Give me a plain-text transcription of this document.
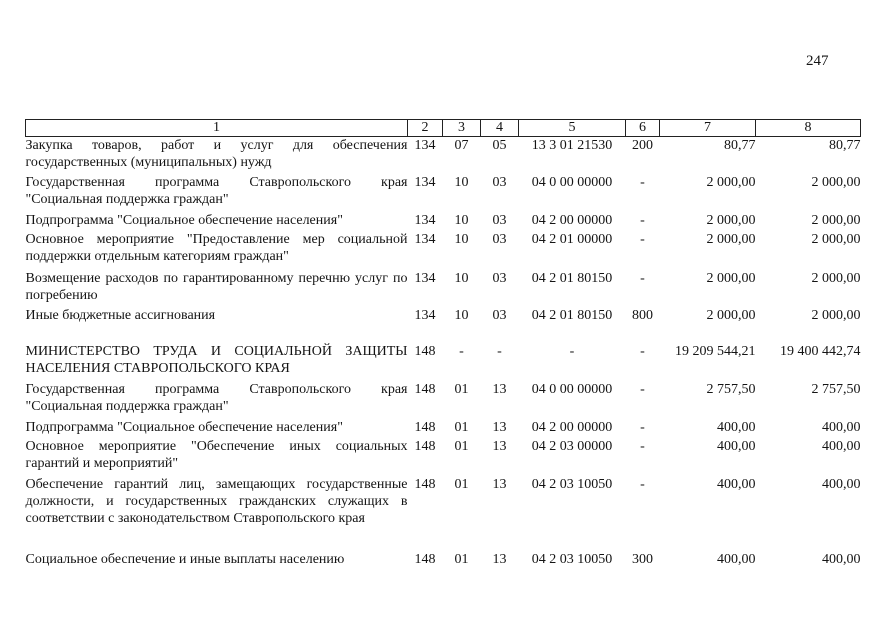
247
1	2	3	4	5	6	7	8
Закупка товаров, работ и услуг для обеспечения государственных (муниципальных) нужд	134	07	05	13 3 01 21530	200	80,77	80,77
Государственная программа Ставропольского края "Социальная поддержка граждан"	134	10	03	04 0 00 00000	-	2 000,00	2 000,00
Подпрограмма "Социальное обеспечение населения"	134	10	03	04 2 00 00000	-	2 000,00	2 000,00
Основное мероприятие "Предоставление мер социальной поддержки отдельным категориям граждан"	134	10	03	04 2 01 00000	-	2 000,00	2 000,00
Возмещение расходов по гарантированному перечню услуг по погребению	134	10	03	04 2 01 80150	-	2 000,00	2 000,00
Иные бюджетные ассигнования	134	10	03	04 2 01 80150	800	2 000,00	2 000,00
МИНИСТЕРСТВО ТРУДА И СОЦИАЛЬНОЙ ЗАЩИТЫ НАСЕЛЕНИЯ СТАВРОПОЛЬСКОГО КРАЯ	148	-	-	-	-	19 209 544,21	19 400 442,74
Государственная программа Ставропольского края "Социальная поддержка граждан"	148	01	13	04 0 00 00000	-	2 757,50	2 757,50
Подпрограмма "Социальное обеспечение населения"	148	01	13	04 2 00 00000	-	400,00	400,00
Основное мероприятие "Обеспечение иных социальных гарантий и мероприятий"	148	01	13	04 2 03 00000	-	400,00	400,00
Обеспечение гарантий лиц, замещающих государственные должности, и государственных гражданских служащих в соответствии с законодательством Ставропольского края	148	01	13	04 2 03 10050	-	400,00	400,00
Социальное обеспечение и иные выплаты населению	148	01	13	04 2 03 10050	300	400,00	400,00
